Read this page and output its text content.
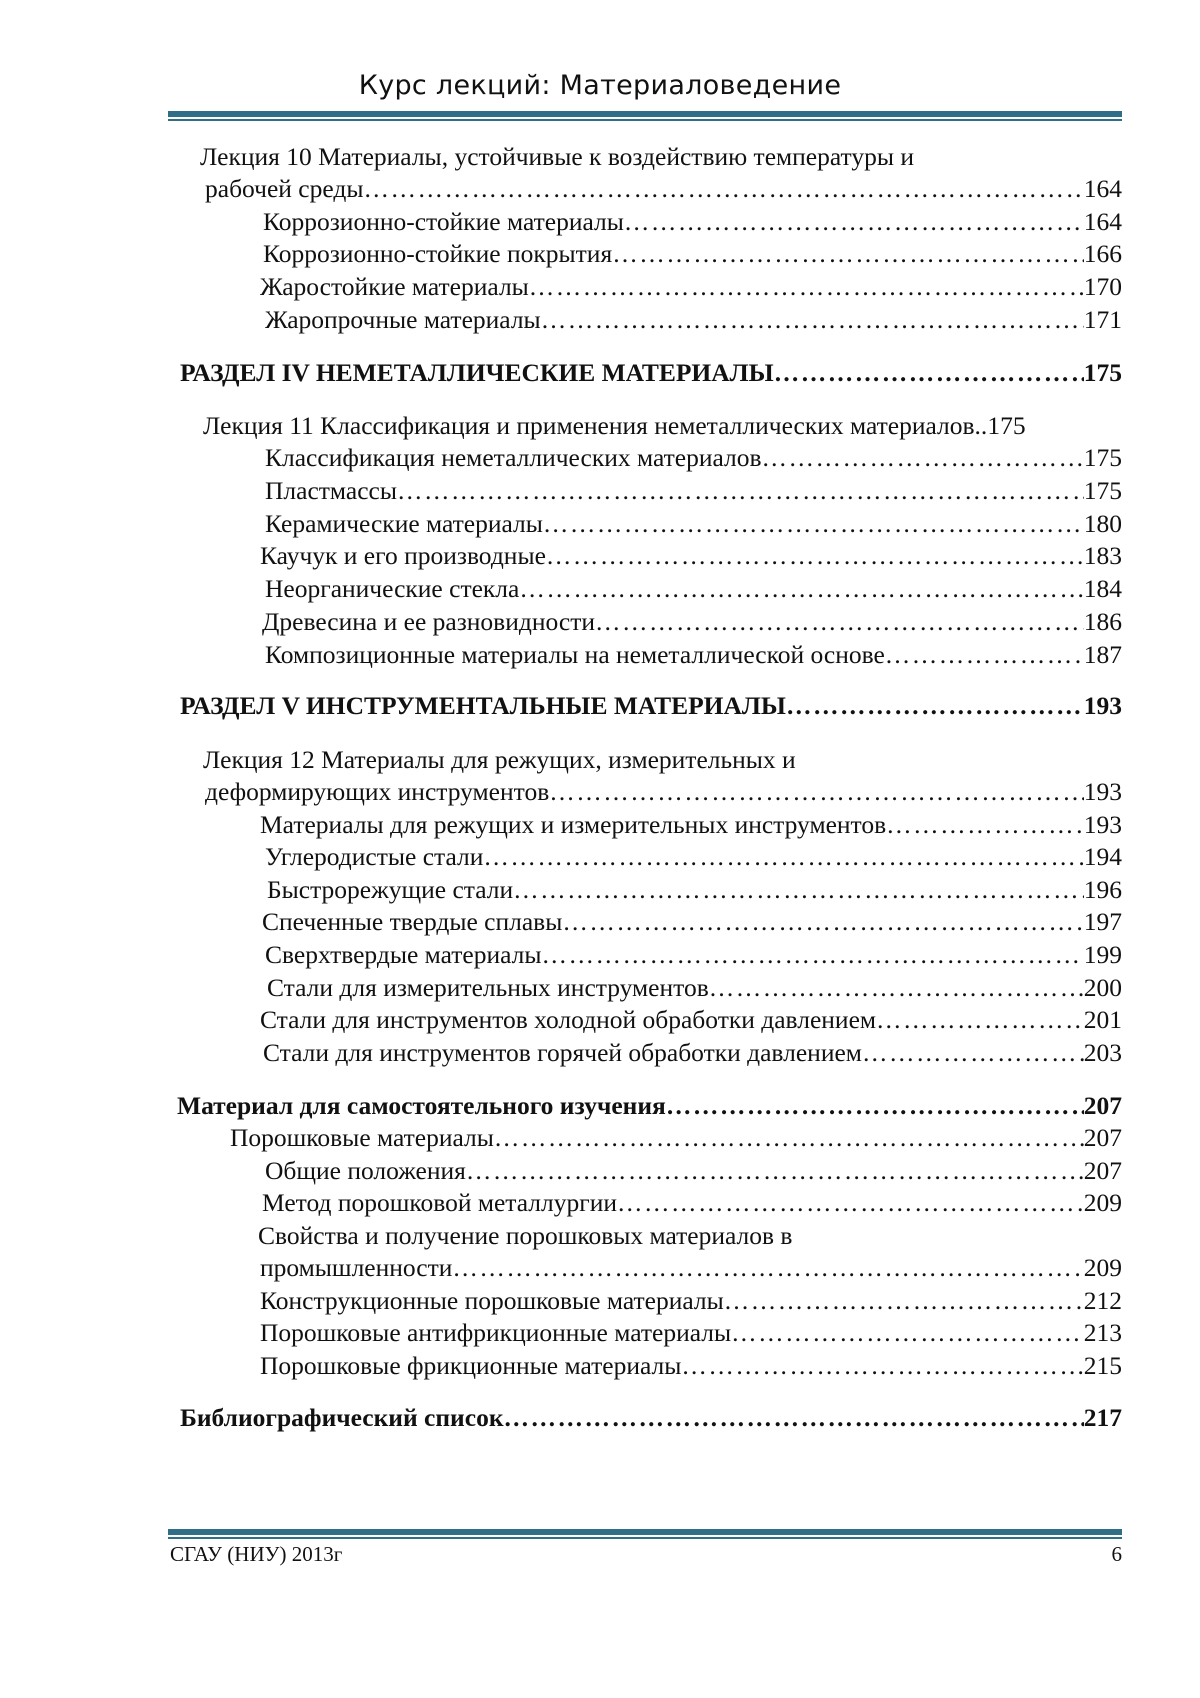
Курс лекций: Материаловедение
Лекция 10 Материалы, устойчивые к воздействию температуры и
рабочей среды …………………………………………………………………………………………………………………………………………………………………	164
Коррозионно-стойкие материалы …………………………………………………………………………………………………………………………………………………………………	164
Коррозионно-стойкие покрытия …………………………………………………………………………………………………………………………………………………………………	166
Жаростойкие материалы …………………………………………………………………………………………………………………………………………………………………	170
Жаропрочные материалы …………………………………………………………………………………………………………………………………………………………………	171
РАЗДЕЛ IV НЕМЕТАЛЛИЧЕСКИЕ МАТЕРИАЛЫ …………………………………………………………………………………………………………………………………………………………………	175
Лекция 11 Классификация и применения неметаллических материалов.. 175
Классификация неметаллических материалов …………………………………………………………………………………………………………………………………………………………………	175
Пластмассы …………………………………………………………………………………………………………………………………………………………………	175
Керамические материалы …………………………………………………………………………………………………………………………………………………………………	180
Каучук и его производные …………………………………………………………………………………………………………………………………………………………………	183
Неорганические стекла …………………………………………………………………………………………………………………………………………………………………	184
Древесина и ее разновидности …………………………………………………………………………………………………………………………………………………………………	186
Композиционные материалы на неметаллической основе …………………………………………………………………………………………………………………………………………………………………	187
РАЗДЕЛ V ИНСТРУМЕНТАЛЬНЫЕ МАТЕРИАЛЫ …………………………………………………………………………………………………………………………………………………………………	193
Лекция 12 Материалы для режущих, измерительных и
деформирующих инструментов …………………………………………………………………………………………………………………………………………………………………	193
Материалы для режущих и измерительных инструментов …………………………………………………………………………………………………………………………………………………………………	193
Углеродистые стали …………………………………………………………………………………………………………………………………………………………………	194
Быстрорежущие стали …………………………………………………………………………………………………………………………………………………………………	196
Спеченные твердые сплавы …………………………………………………………………………………………………………………………………………………………………	197
Сверхтвердые материалы …………………………………………………………………………………………………………………………………………………………………	199
Стали для измерительных инструментов …………………………………………………………………………………………………………………………………………………………………	200
Стали для инструментов холодной обработки давлением …………………………………………………………………………………………………………………………………………………………………	201
Стали для инструментов горячей обработки давлением …………………………………………………………………………………………………………………………………………………………………	203
Материал для самостоятельного изучения …………………………………………………………………………………………………………………………………………………………………	207
Порошковые материалы …………………………………………………………………………………………………………………………………………………………………	207
Общие положения …………………………………………………………………………………………………………………………………………………………………	207
Метод порошковой металлургии …………………………………………………………………………………………………………………………………………………………………	209
Свойства и получение порошковых материалов в
промышленности …………………………………………………………………………………………………………………………………………………………………	209
Конструкционные порошковые материалы …………………………………………………………………………………………………………………………………………………………………	212
Порошковые антифрикционные материалы …………………………………………………………………………………………………………………………………………………………………	213
Порошковые фрикционные материалы …………………………………………………………………………………………………………………………………………………………………	215
Библиографический список …………………………………………………………………………………………………………………………………………………………………	217
СГАУ (НИУ) 2013г	6
